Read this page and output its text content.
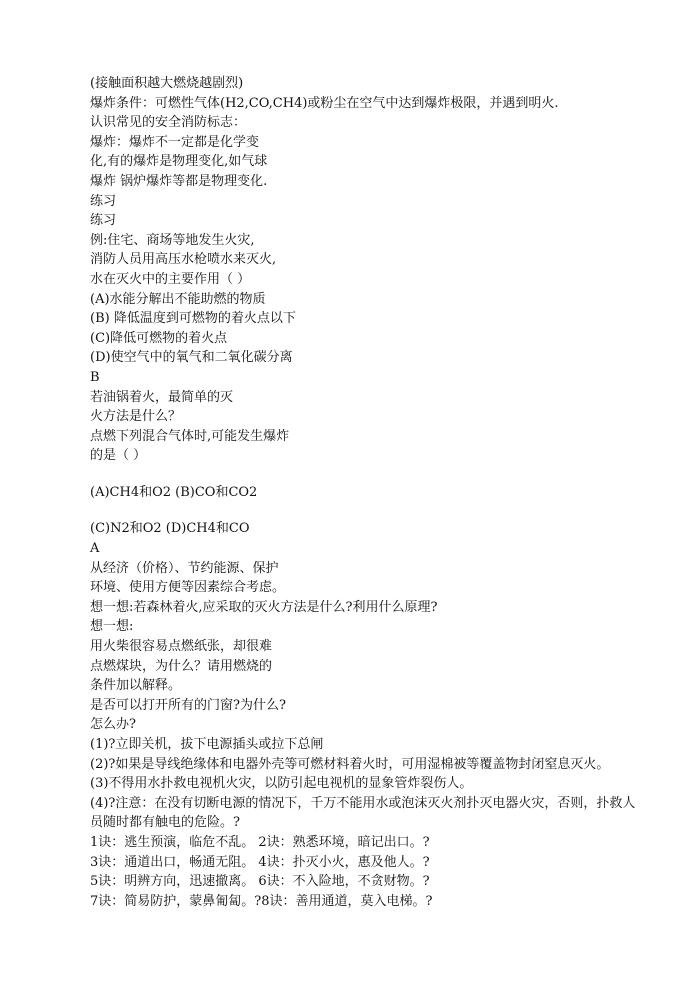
(接触面积越大燃烧越剧烈)
爆炸条件：可燃性气体(H2,CO,CH4)或粉尘在空气中达到爆炸极限，并遇到明火.
认识常见的安全消防标志：
爆炸：爆炸不一定都是化学变
化,有的爆炸是物理变化,如气球
爆炸 锅炉爆炸等都是物理变化.
练习
练习
例:住宅、商场等地发生火灾,
消防人员用高压水枪喷水来灭火,
水在灭火中的主要作用（ ）
(A)水能分解出不能助燃的物质
(B) 降低温度到可燃物的着火点以下
(C)降低可燃物的着火点
(D)使空气中的氧气和二氧化碳分离
B
若油锅着火，最简单的灭
火方法是什么？
点燃下列混合气体时,可能发生爆炸
的是（ ）
(A)CH4和O2 (B)CO和CO2
(C)N2和O2 (D)CH4和CO
A
从经济（价格）、节约能源、保护
环境、使用方便等因素综合考虑。
想一想:若森林着火,应采取的灭火方法是什么?利用什么原理?
想一想:
用火柴很容易点燃纸张，却很难
点燃煤块，为什么？请用燃烧的
条件加以解释。
是否可以打开所有的门窗?为什么?
怎么办?
(1)?立即关机，拔下电源插头或拉下总闸
(2)?如果是导线绝缘体和电器外壳等可燃材料着火时，可用湿棉被等覆盖物封闭窒息灭火。
(3)不得用水扑救电视机火灾，以防引起电视机的显象管炸裂伤人。
(4)?注意：在没有切断电源的情况下，千万不能用水或泡沫灭火剂扑灭电器火灾，否则，扑救人员随时都有触电的危险。?
1诀：逃生预演，临危不乱。 2诀：熟悉环境，暗记出口。?
3诀：通道出口，畅通无阻。 4诀：扑灭小火，惠及他人。?
5诀：明辨方向，迅速撤离。 6诀：不入险地，不贪财物。?
7诀：简易防护，蒙鼻匍匐。?8诀：善用通道，莫入电梯。?
